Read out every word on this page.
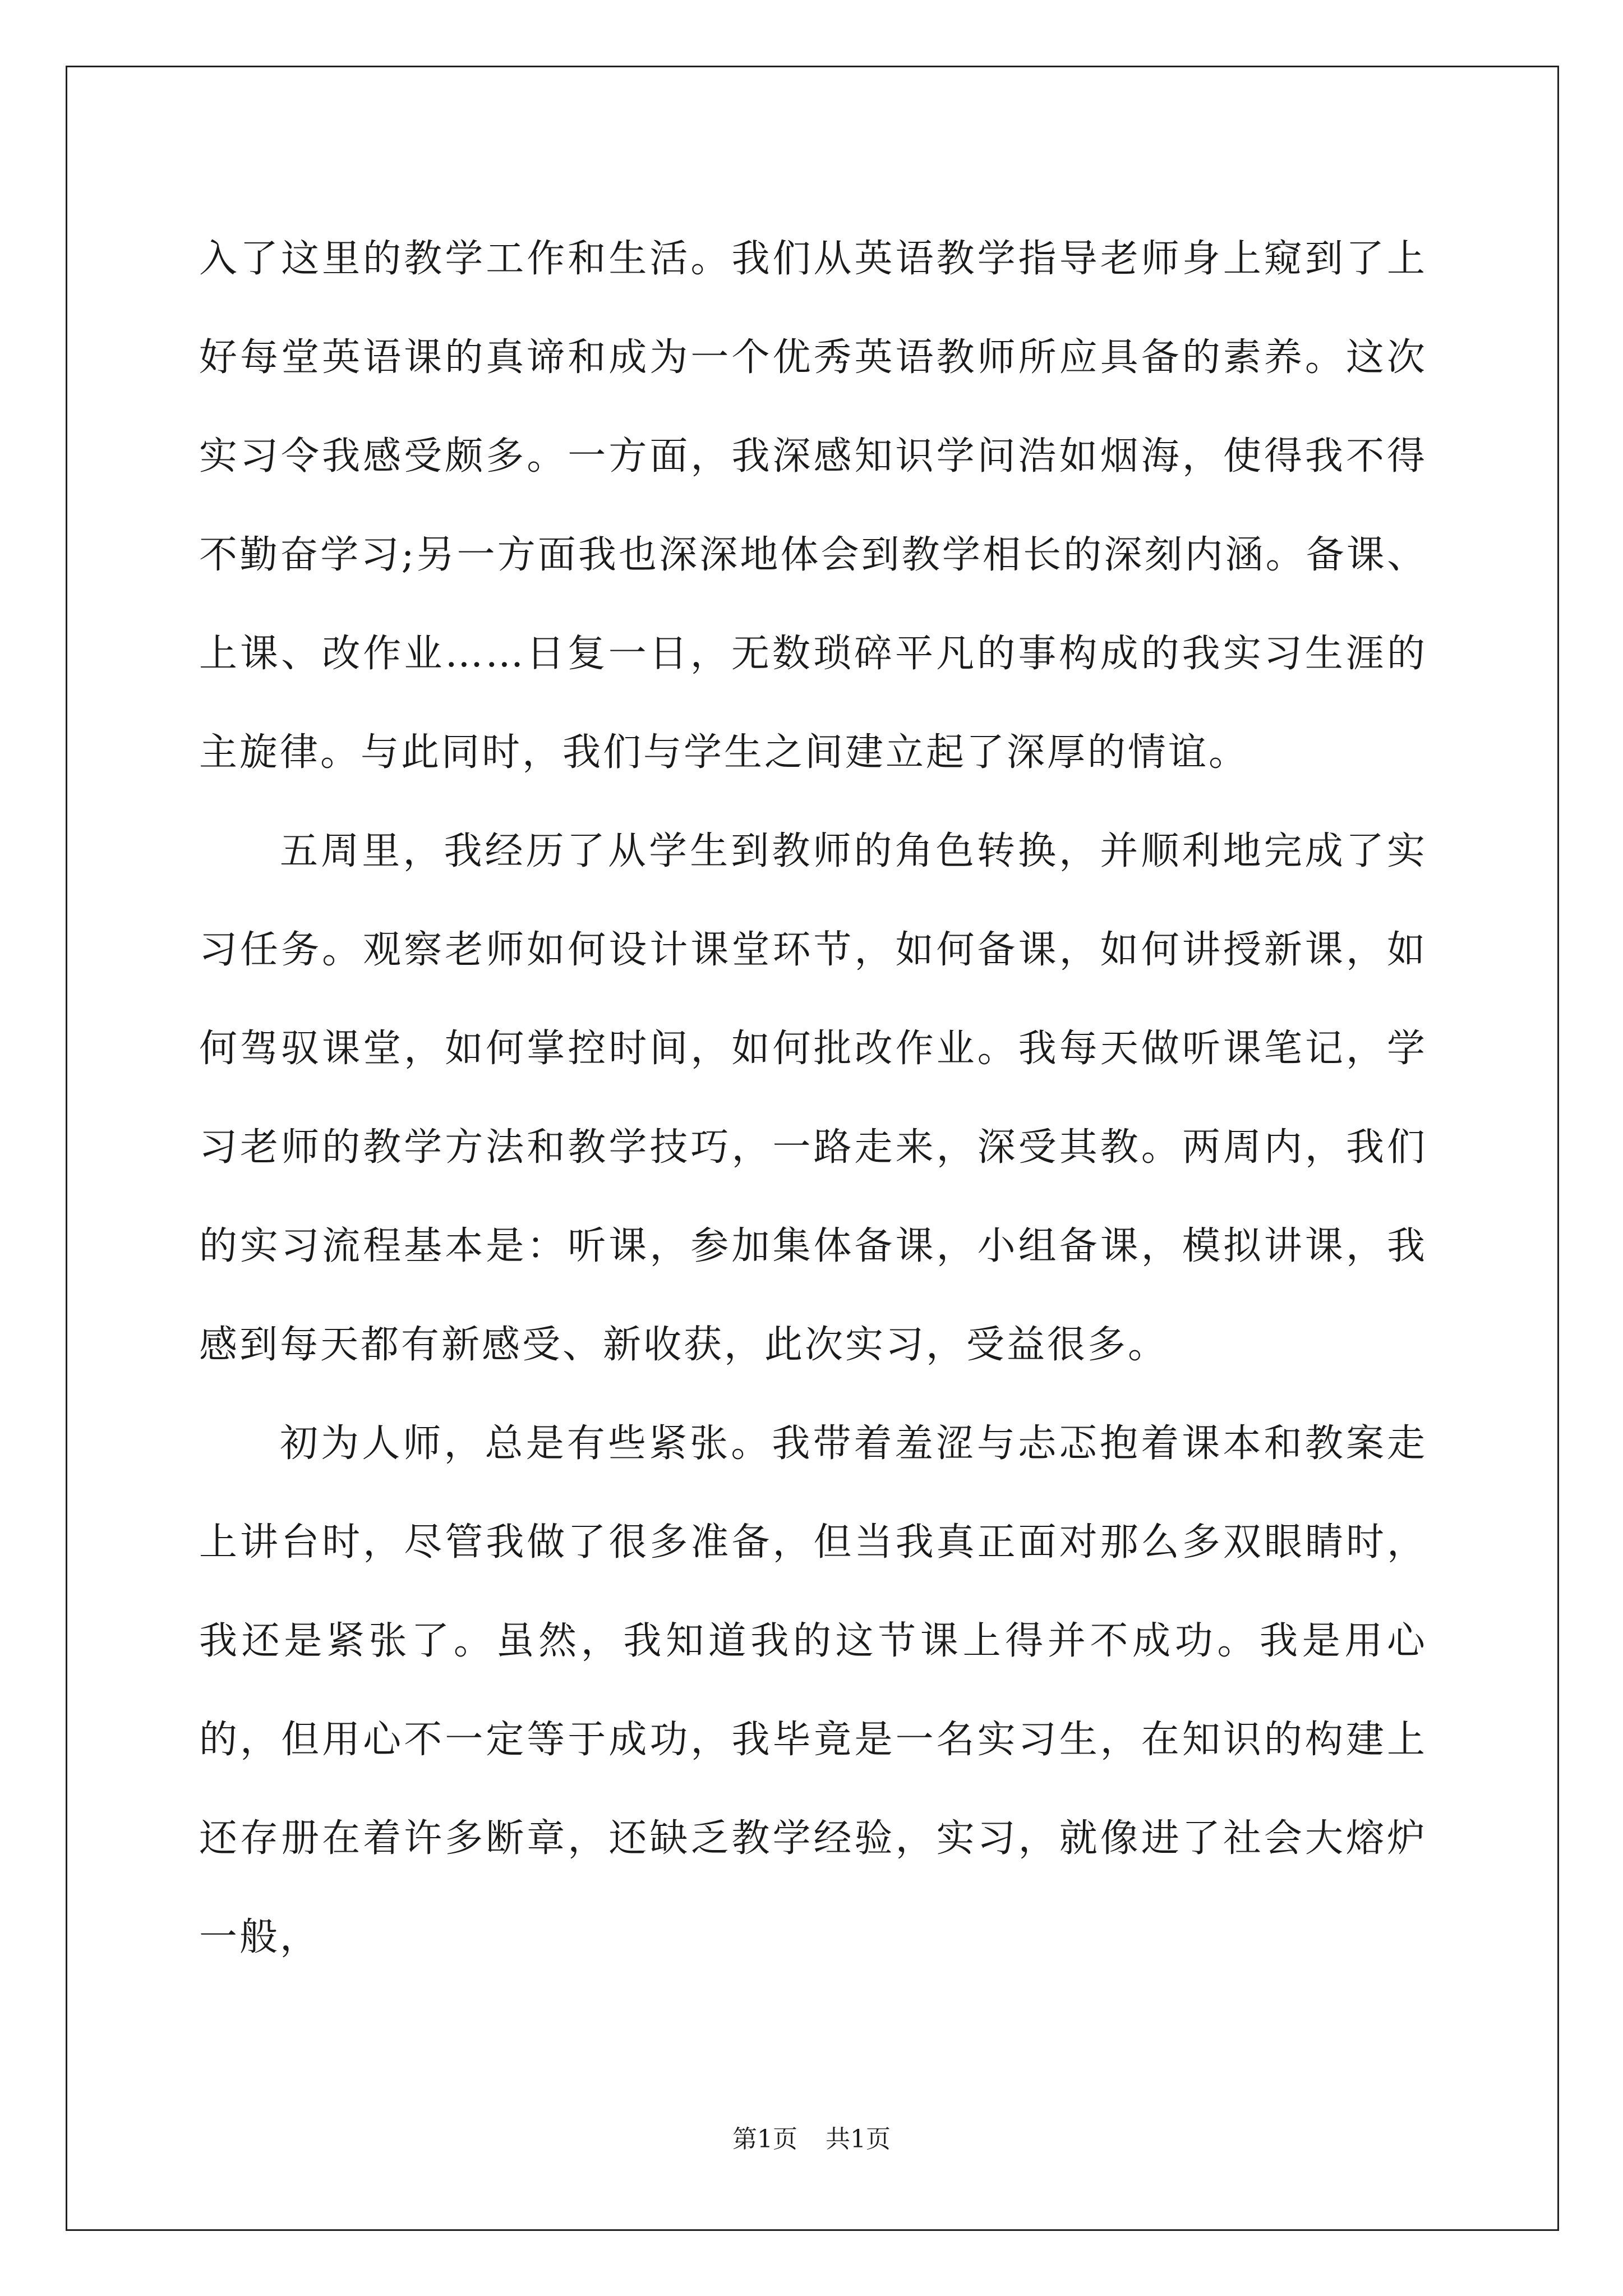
入了这里的教学工作和生活。我们从英语教学指导老师身上窥到了上好每堂英语课的真谛和成为一个优秀英语教师所应具备的素养。这次实习令我感受颇多。一方面，我深感知识学问浩如烟海，使得我不得不勤奋学习;另一方面我也深深地体会到教学相长的深刻内涵。备课、上课、改作业……日复一日，无数琐碎平凡的事构成的我实习生涯的主旋律。与此同时，我们与学生之间建立起了深厚的情谊。

五周里，我经历了从学生到教师的角色转换，并顺利地完成了实习任务。观察老师如何设计课堂环节，如何备课，如何讲授新课，如何驾驭课堂，如何掌控时间，如何批改作业。我每天做听课笔记，学习老师的教学方法和教学技巧，一路走来，深受其教。两周内，我们的实习流程基本是：听课，参加集体备课，小组备课，模拟讲课，我感到每天都有新感受、新收获，此次实习，受益很多。

初为人师，总是有些紧张。我带着羞涩与忐忑抱着课本和教案走上讲台时，尽管我做了很多准备，但当我真正面对那么多双眼睛时，我还是紧张了。虽然，我知道我的这节课上得并不成功。我是用心的，但用心不一定等于成功，我毕竟是一名实习生，在知识的构建上还存册在着许多断章，还缺乏教学经验，实习，就像进了社会大熔炉一般，

第1页 共1页
